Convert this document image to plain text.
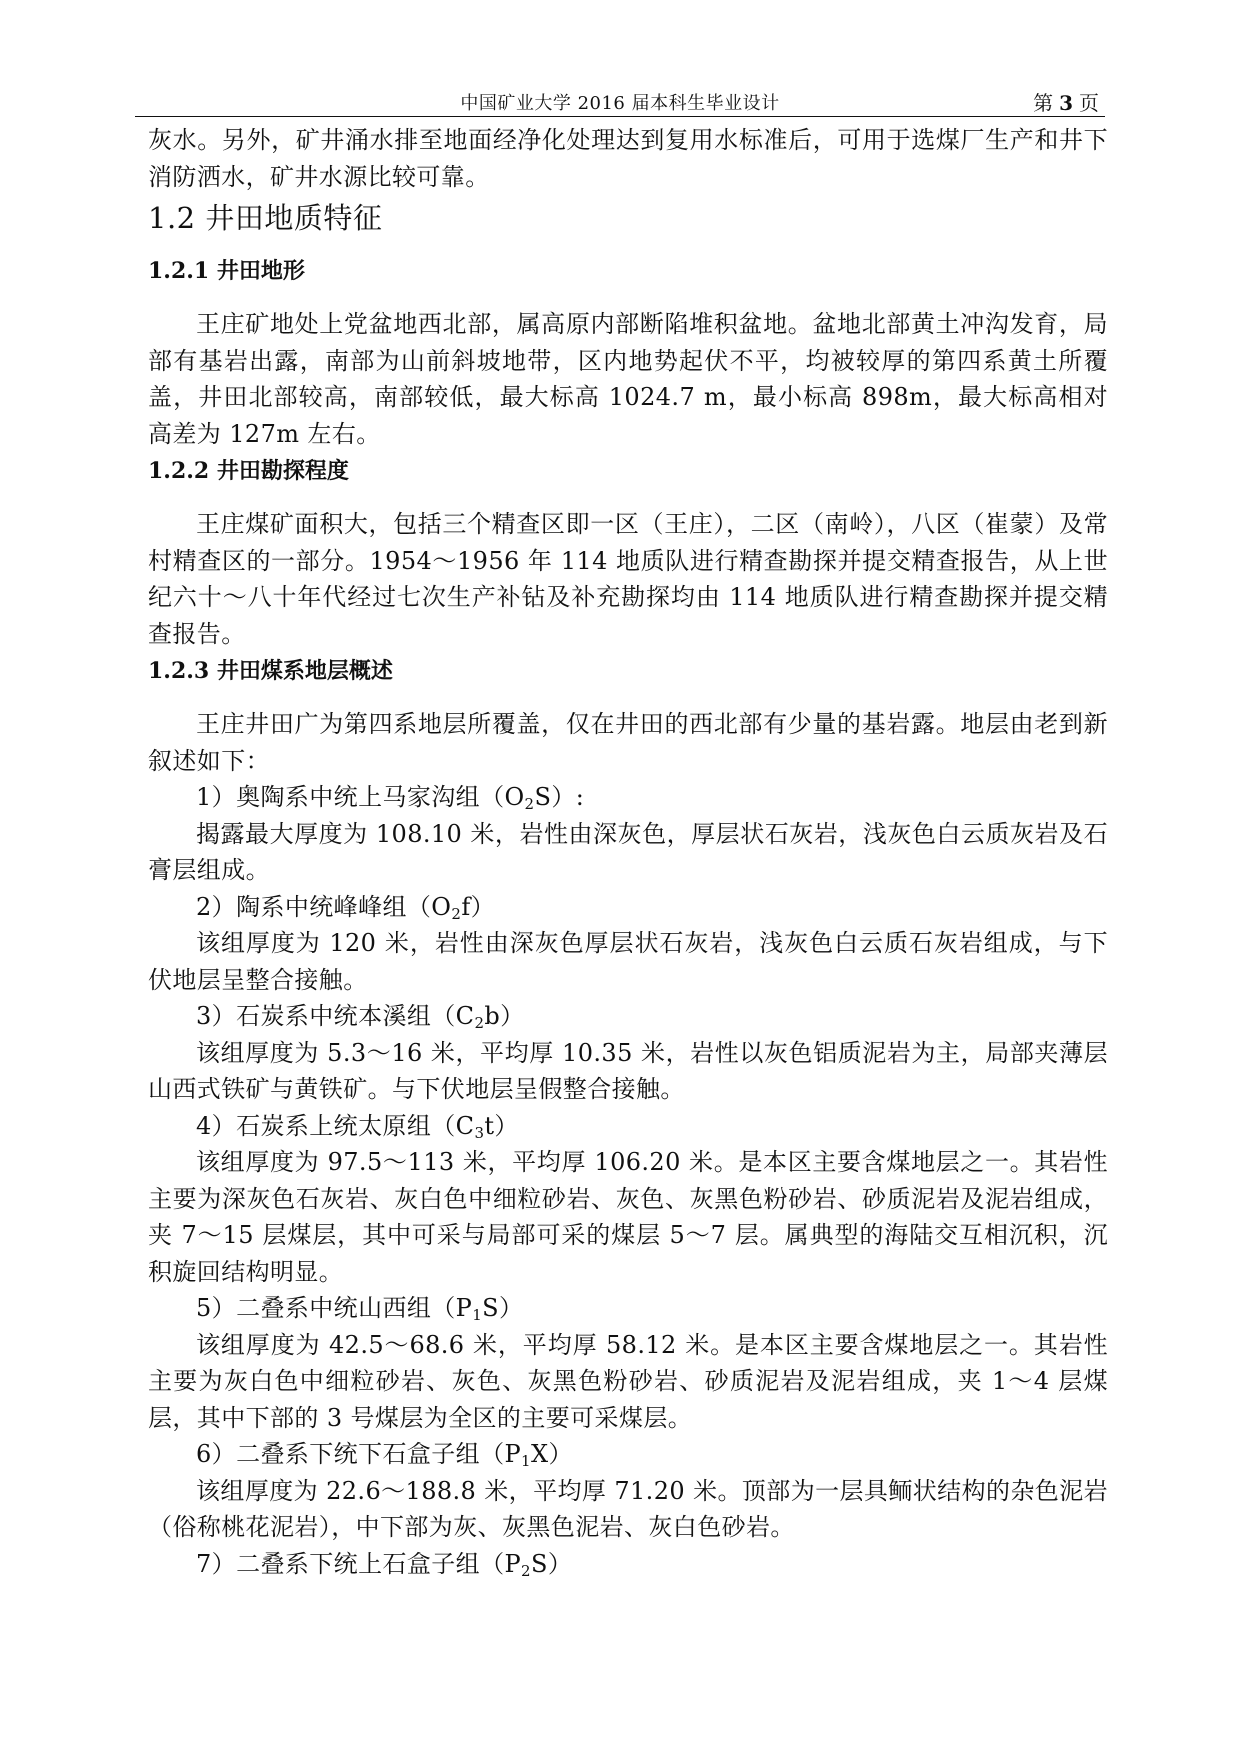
中国矿业大学 2016 届本科生毕业设计	第 3 页

灰水。另外，矿井涌水排至地面经净化处理达到复用水标准后，可用于选煤厂生产和井下消防洒水，矿井水源比较可靠。

1.2 井田地质特征
1.2.1 井田地形

王庄矿地处上党盆地西北部，属高原内部断陷堆积盆地。盆地北部黄土冲沟发育，局部有基岩出露，南部为山前斜坡地带，区内地势起伏不平，均被较厚的第四系黄土所覆盖，井田北部较高，南部较低，最大标高 1024.7 m，最小标高 898m，最大标高相对高差为 127m 左右。

1.2.2 井田勘探程度

王庄煤矿面积大，包括三个精查区即一区（王庄），二区（南岭），八区（崔蒙）及常村精查区的一部分。1954～1956 年 114 地质队进行精查勘探并提交精查报告，从上世纪六十～八十年代经过七次生产补钻及补充勘探均由 114 地质队进行精查勘探并提交精查报告。

1.2.3 井田煤系地层概述

王庄井田广为第四系地层所覆盖，仅在井田的西北部有少量的基岩露。地层由老到新叙述如下：

1）奥陶系中统上马家沟组$(O_2S)$:

揭露最大厚度为 108.10 米，岩性由深灰色，厚层状石灰岩，浅灰色白云质灰岩及石膏层组成。

2）陶系中统峰峰组$(O_2f)$

该组厚度为 120 米，岩性由深灰色厚层状石灰岩，浅灰色白云质石灰岩组成，与下伏地层呈整合接触。

3）石炭系中统本溪组$(C_2b)$

该组厚度为 5.3～16 米，平均厚 10.35 米，岩性以灰色铝质泥岩为主，局部夹薄层山西式铁矿与黄铁矿。与下伏地层呈假整合接触。

4）石炭系上统太原组$(C_3t)$

该组厚度为 97.5～113 米，平均厚 106.20 米。是本区主要含煤地层之一。其岩性主要为深灰色石灰岩、灰白色中细粒砂岩、灰色、灰黑色粉砂岩、砂质泥岩及泥岩组成，夹 7～15 层煤层，其中可采与局部可采的煤层 5～7 层。属典型的海陆交互相沉积，沉积旋回结构明显。

5）二叠系中统山西组$(P_1S)$

该组厚度为 42.5～68.6 米，平均厚 58.12 米。是本区主要含煤地层之一。其岩性主要为灰白色中细粒砂岩、灰色、灰黑色粉砂岩、砂质泥岩及泥岩组成，夹 1～4 层煤层，其中下部的 3 号煤层为全区的主要可采煤层。

6）二叠系下统下石盒子组$(P_1X)$

该组厚度为 22.6～188.8 米，平均厚 71.20 米。顶部为一层具鲕状结构的杂色泥岩（俗称桃花泥岩），中下部为灰、灰黑色泥岩、灰白色砂岩。

7）二叠系下统上石盒子组$(P_2S)$
